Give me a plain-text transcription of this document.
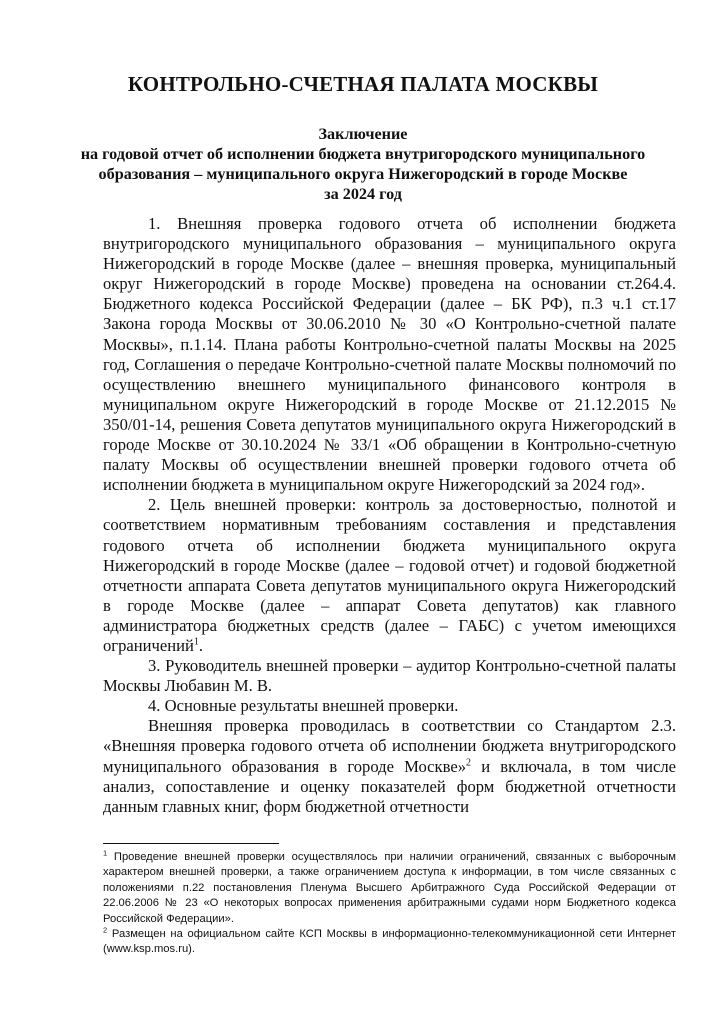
КОНТРОЛЬНО-СЧЕТНАЯ ПАЛАТА МОСКВЫ
Заключение
на годовой отчет об исполнении бюджета внутригородского муниципального
образования – муниципального округа Нижегородский в городе Москве
за 2024 год

1. Внешняя проверка годового отчета об исполнении бюджета внутригородского муниципального образования – муниципального округа Нижегородский в городе Москве (далее – внешняя проверка, муниципальный округ Нижегородский в городе Москве) проведена на основании ст.264.4. Бюджетного кодекса Российской Федерации (далее – БК РФ), п.3 ч.1 ст.17 Закона города Москвы от 30.06.2010 № 30 «О Контрольно-счетной палате Москвы», п.1.14. Плана работы Контрольно-счетной палаты Москвы на 2025 год, Соглашения о передаче Контрольно-счетной палате Москвы полномочий по осуществлению внешнего муниципального финансового контроля в муниципальном округе Нижегородский в городе Москве от 21.12.2015 № 350/01-14, решения Совета депутатов муниципального округа Нижегородский в городе Москве от 30.10.2024 № 33/1 «Об обращении в Контрольно-счетную палату Москвы об осуществлении внешней проверки годового отчета об исполнении бюджета в муниципальном округе Нижегородский за 2024 год».

2. Цель внешней проверки: контроль за достоверностью, полнотой и соответствием нормативным требованиям составления и представления годового отчета об исполнении бюджета муниципального округа Нижегородский в городе Москве (далее – годовой отчет) и годовой бюджетной отчетности аппарата Совета депутатов муниципального округа Нижегородский в городе Москве (далее – аппарат Совета депутатов) как главного администратора бюджетных средств (далее – ГАБС) с учетом имеющихся ограничений$^1$.

3. Руководитель внешней проверки – аудитор Контрольно-счетной палаты Москвы Любавин М. В.

4. Основные результаты внешней проверки.

Внешняя проверка проводилась в соответствии со Стандартом 2.3. «Внешняя проверка годового отчета об исполнении бюджета внутригородского муниципального образования в городе Москве»$^2$ и включала, в том числе анализ, сопоставление и оценку показателей форм бюджетной отчетности данным главных книг, форм бюджетной отчетности

$^1$ Проведение внешней проверки осуществлялось при наличии ограничений, связанных с выборочным характером внешней проверки, а также ограничением доступа к информации, в том числе связанных с положениями п.22 постановления Пленума Высшего Арбитражного Суда Российской Федерации от 22.06.2006 № 23 «О некоторых вопросах применения арбитражными судами норм Бюджетного кодекса Российской Федерации».

$^2$ Размещен на официальном сайте КСП Москвы в информационно-телекоммуникационной сети Интернет (www.ksp.mos.ru).
